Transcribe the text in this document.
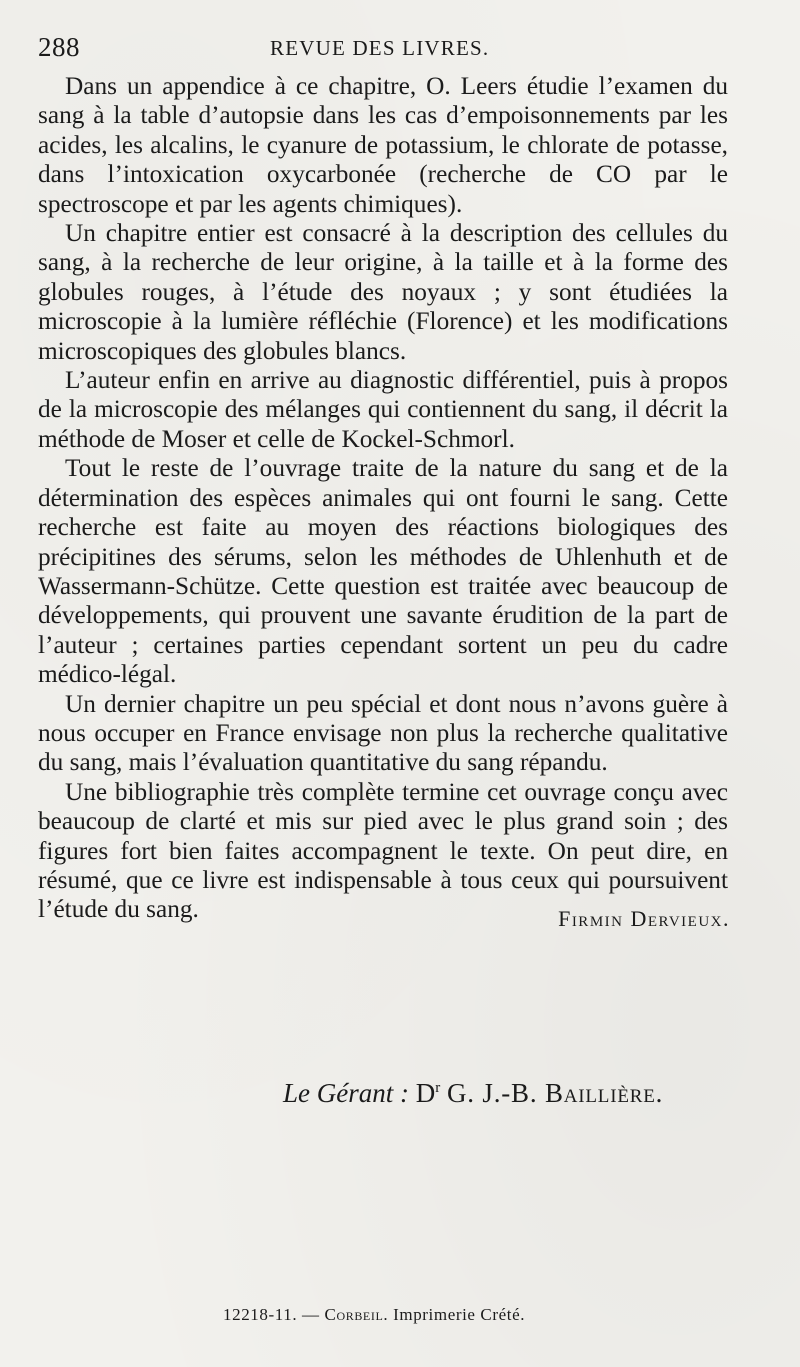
288	REVUE DES LIVRES.

Dans un appendice à ce chapitre, O. Leers étudie l’examen du sang à la table d’autopsie dans les cas d’empoisonnements par les acides, les alcalins, le cyanure de potassium, le chlorate de potasse, dans l’intoxication oxycarbonée (recherche de CO par le spectroscope et par les agents chimiques).

Un chapitre entier est consacré à la description des cellules du sang, à la recherche de leur origine, à la taille et à la forme des globules rouges, à l’étude des noyaux ; y sont étudiées la microscopie à la lumière réfléchie (Florence) et les modifications microscopiques des globules blancs.

L’auteur enfin en arrive au diagnostic différentiel, puis à propos de la microscopie des mélanges qui contiennent du sang, il décrit la méthode de Moser et celle de Kockel-Schmorl.

Tout le reste de l’ouvrage traite de la nature du sang et de la détermination des espèces animales qui ont fourni le sang. Cette recherche est faite au moyen des réactions biologiques des précipitines des sérums, selon les méthodes de Uhlenhuth et de Wassermann-Schütze. Cette question est traitée avec beaucoup de développements, qui prouvent une savante érudition de la part de l’auteur ; certaines parties cependant sortent un peu du cadre médico-légal.

Un dernier chapitre un peu spécial et dont nous n’avons guère à nous occuper en France envisage non plus la recherche qualitative du sang, mais l’évaluation quantitative du sang répandu.

Une bibliographie très complète termine cet ouvrage conçu avec beaucoup de clarté et mis sur pied avec le plus grand soin ; des figures fort bien faites accompagnent le texte. On peut dire, en résumé, que ce livre est indispensable à tous ceux qui poursuivent l’étude du sang.	Firmin Dervieux.
Le Gérant : $D^r$ G. J.-B. Baillière.
12218-11. — Corbeil. Imprimerie Crété.
